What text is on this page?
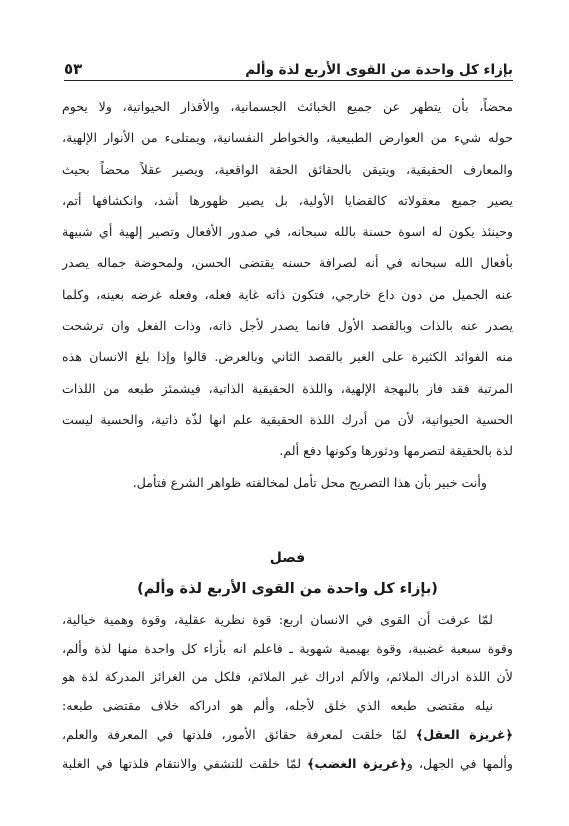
بإزاء كل واحدة من القوى الأربع لذة وألم
٥٣
محضاً، بأن يتطهر عن جميع الخبائث الجسمانية، والأقذار الحيوانية، ولا يحوم
حوله شيء من العوارض الطبيعية، والخواطر النفسانية، ويمتلىء من الأنوار الإلهية،
والمعارف الحقيقية، ويتيقن بالحقائق الحقة الواقعية، ويصير عقلاً محضاً بحيث
يصير جميع معقولاته كالقضايا الأولية، بل يصير ظهورها أشد، وانكشافها أتم،
وحينئذ يكون له اسوة حسنة بالله سبحانه، في صدور الأفعال وتصير إلهية أي شبيهة
بأفعال الله سبحانه في أنه لصرافة حسنه يقتضى الحسن، ولمحوضة جماله يصدر
عنه الجميل من دون داع خارجي، فتكون ذاته غاية فعله، وفعله غرضه بعينه، وكلما
يصدر عنه بالذات وبالقصد الأول فانما يصدر لأجل ذاته، وذات الفعل وان ترشحت
منه الفوائد الكثيرة على الغير بالقصد الثاني وبالعرض. قالوا وإذا بلغ الانسان هذه
المرتبة فقد فاز بالبهجة الإلهية، واللذة الحقيقية الذاتية، فيشمئز طبعه من اللذات
الحسية الحيوانية، لأن من أدرك اللذة الحقيقية علم انها لذّة ذاتية، والحسية ليست
لذة بالحقيقة لتصرمها ودثورها وكونها دفع ألم.
وأنت خبير بأن هذا التصريح محل تأمل لمخالفته ظواهر الشرع فتأمل.
فصل
(بإزاء كل واحدة من القوى الأربع لذة وألم)
لمّا عرفت أن القوى في الانسان اربع: قوة نظرية عقلية، وقوة وهمية خيالية،
وقوة سبعية غضبية، وقوة بهيمية شهوية ـ فاعلم انه بأزاء كل واحدة منها لذة وألم،
لأن اللذة ادراك الملائم، والألم ادراك غير الملائم، فلكل من الغرائز المدركة لذة هو
نيله مقتضى طبعه الذي خلق لأجله، وألم هو ادراكه خلاف مقتضى طبعه:
﴿غريزة العقل﴾ لمّا خلقت لمعرفة حقائق الأمور، فلذتها في المعرفة والعلم،
وألمها في الجهل، و﴿غريزة الغضب﴾ لمّا خلقت للتشفي والانتقام فلذتها في الغلبة
